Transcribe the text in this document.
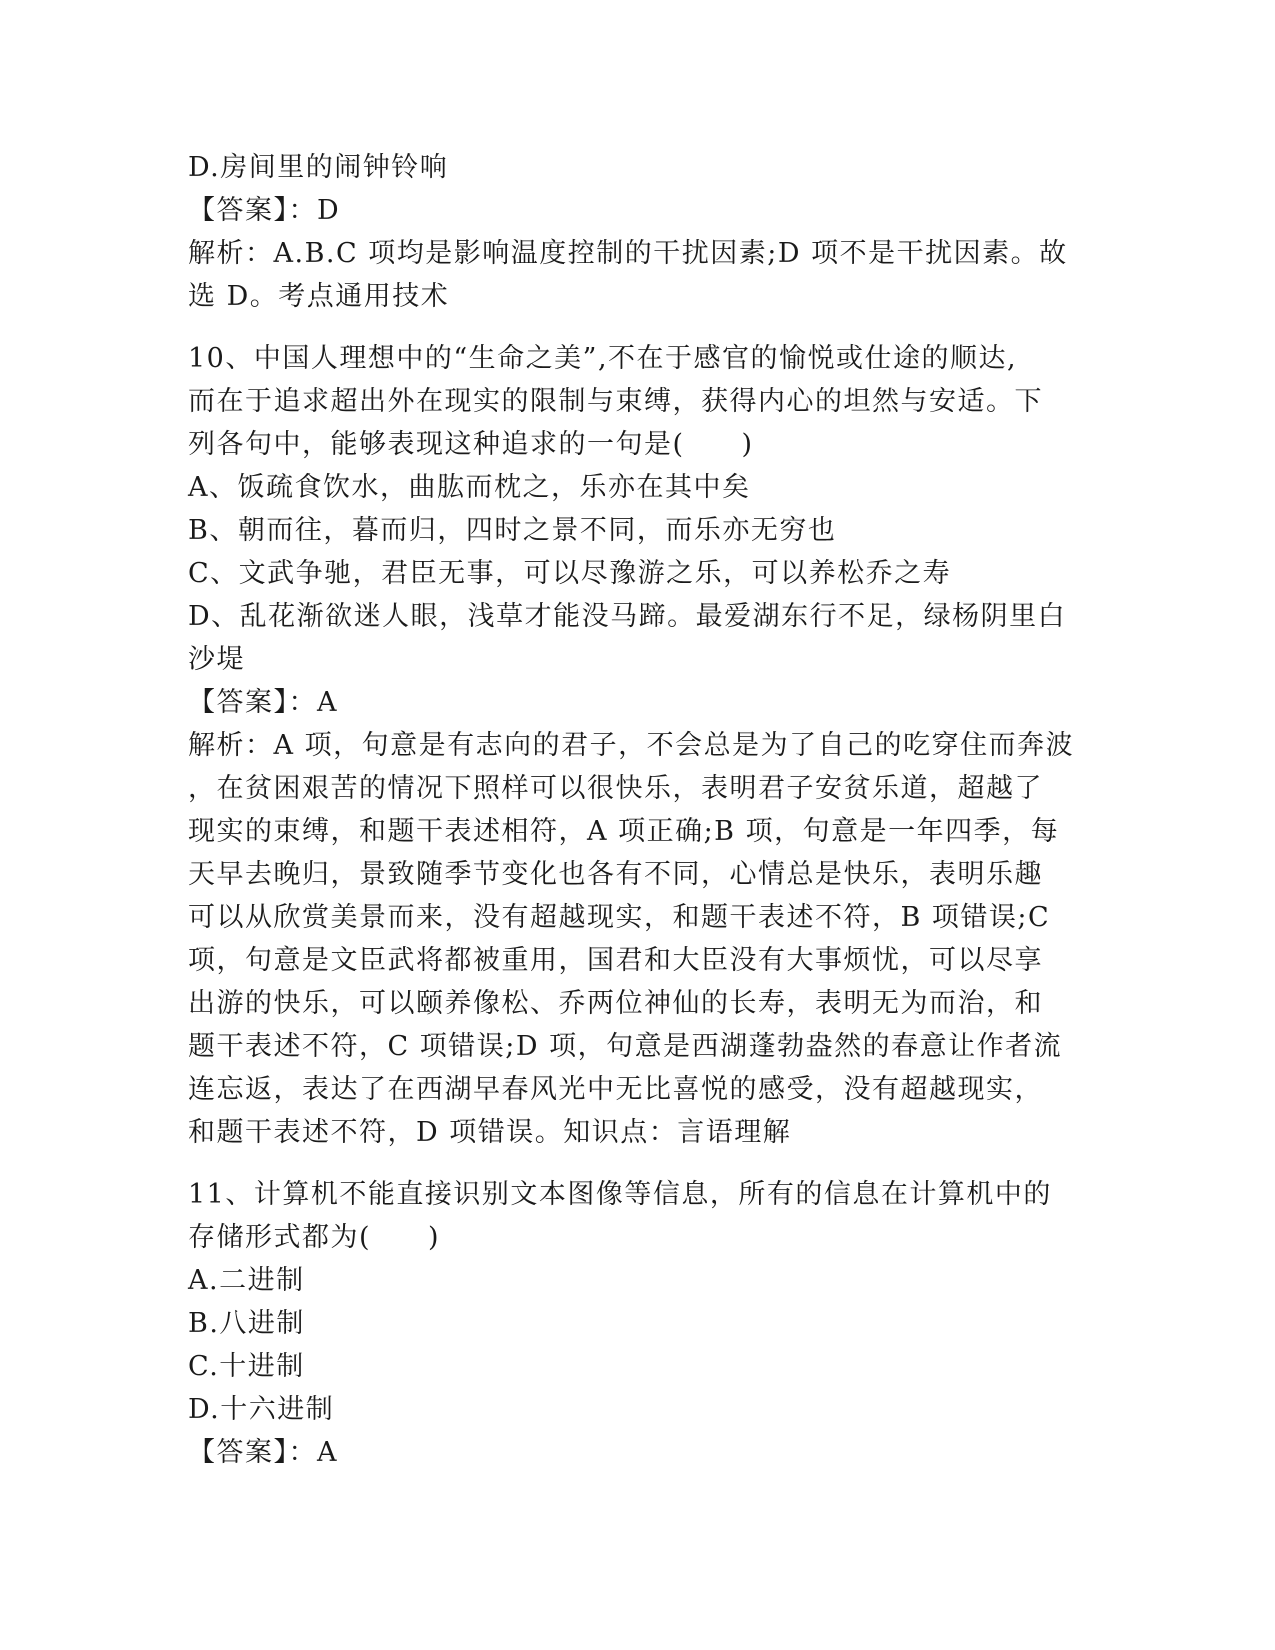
D.房间里的闹钟铃响
【答案】：D
解析：A.B.C 项均是影响温度控制的干扰因素;D 项不是干扰因素。故
选 D。考点通用技术
10、中国人理想中的“生命之美”,不在于感官的愉悦或仕途的顺达,
而在于追求超出外在现实的限制与束缚，获得内心的坦然与安适。下
列各句中，能够表现这种追求的一句是(　　)
A、饭疏食饮水，曲肱而枕之，乐亦在其中矣
B、朝而往，暮而归，四时之景不同，而乐亦无穷也
C、文武争驰，君臣无事，可以尽豫游之乐，可以养松乔之寿
D、乱花渐欲迷人眼，浅草才能没马蹄。最爱湖东行不足，绿杨阴里白
沙堤
【答案】：A
解析：A 项，句意是有志向的君子，不会总是为了自己的吃穿住而奔波
，在贫困艰苦的情况下照样可以很快乐，表明君子安贫乐道，超越了
现实的束缚，和题干表述相符，A 项正确;B 项，句意是一年四季，每
天早去晚归，景致随季节变化也各有不同，心情总是快乐，表明乐趣
可以从欣赏美景而来，没有超越现实，和题干表述不符，B 项错误;C
项，句意是文臣武将都被重用，国君和大臣没有大事烦忧，可以尽享
出游的快乐，可以颐养像松、乔两位神仙的长寿，表明无为而治，和
题干表述不符，C 项错误;D 项，句意是西湖蓬勃盎然的春意让作者流
连忘返，表达了在西湖早春风光中无比喜悦的感受，没有超越现实，
和题干表述不符，D 项错误。知识点：言语理解
11、计算机不能直接识别文本图像等信息，所有的信息在计算机中的
存储形式都为(　　)
A.二进制
B.八进制
C.十进制
D.十六进制
【答案】：A
